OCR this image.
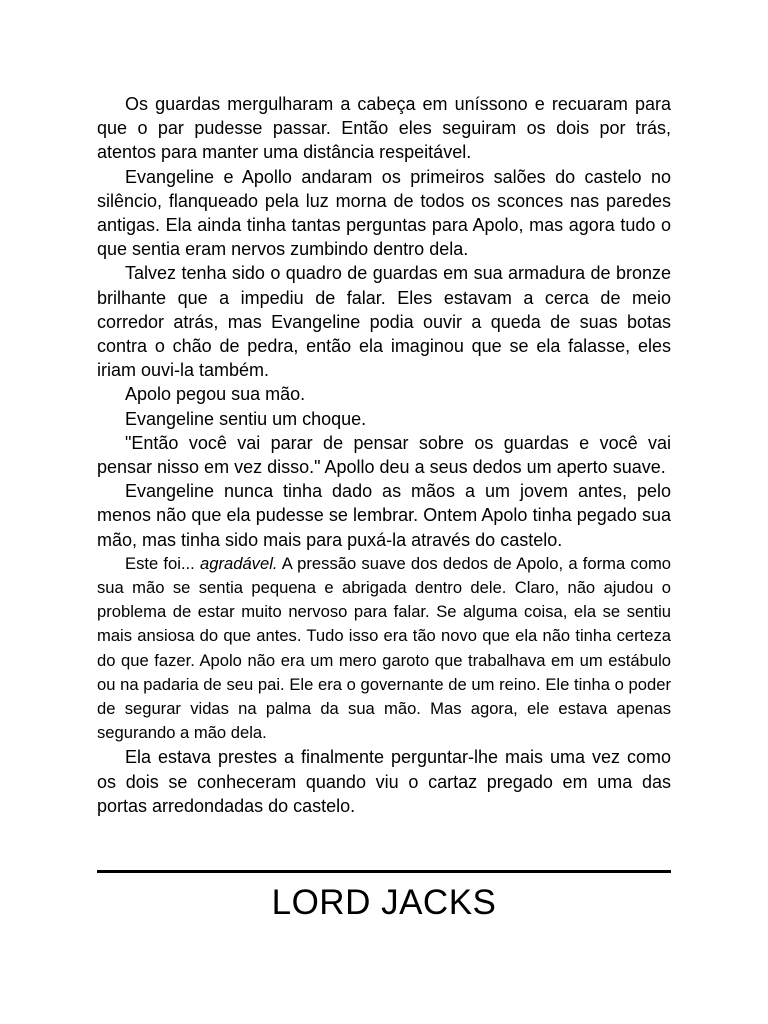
Os guardas mergulharam a cabeça em uníssono e recuaram para que o par pudesse passar. Então eles seguiram os dois por trás, atentos para manter uma distância respeitável.

Evangeline e Apollo andaram os primeiros salões do castelo no silêncio, flanqueado pela luz morna de todos os sconces nas paredes antigas. Ela ainda tinha tantas perguntas para Apolo, mas agora tudo o que sentia eram nervos zumbindo dentro dela.

Talvez tenha sido o quadro de guardas em sua armadura de bronze brilhante que a impediu de falar. Eles estavam a cerca de meio corredor atrás, mas Evangeline podia ouvir a queda de suas botas contra o chão de pedra, então ela imaginou que se ela falasse, eles iriam ouvi-la também.

Apolo pegou sua mão.

Evangeline sentiu um choque.

"Então você vai parar de pensar sobre os guardas e você vai pensar nisso em vez disso." Apollo deu a seus dedos um aperto suave.

Evangeline nunca tinha dado as mãos a um jovem antes, pelo menos não que ela pudesse se lembrar. Ontem Apolo tinha pegado sua mão, mas tinha sido mais para puxá-la através do castelo.

Este foi... agradável. A pressão suave dos dedos de Apolo, a forma como sua mão se sentia pequena e abrigada dentro dele. Claro, não ajudou o problema de estar muito nervoso para falar. Se alguma coisa, ela se sentiu mais ansiosa do que antes. Tudo isso era tão novo que ela não tinha certeza do que fazer. Apolo não era um mero garoto que trabalhava em um estábulo ou na padaria de seu pai. Ele era o governante de um reino. Ele tinha o poder de segurar vidas na palma da sua mão. Mas agora, ele estava apenas segurando a mão dela.

Ela estava prestes a finalmente perguntar-lhe mais uma vez como os dois se conheceram quando viu o cartaz pregado em uma das portas arredondadas do castelo.

LORD JACKS
